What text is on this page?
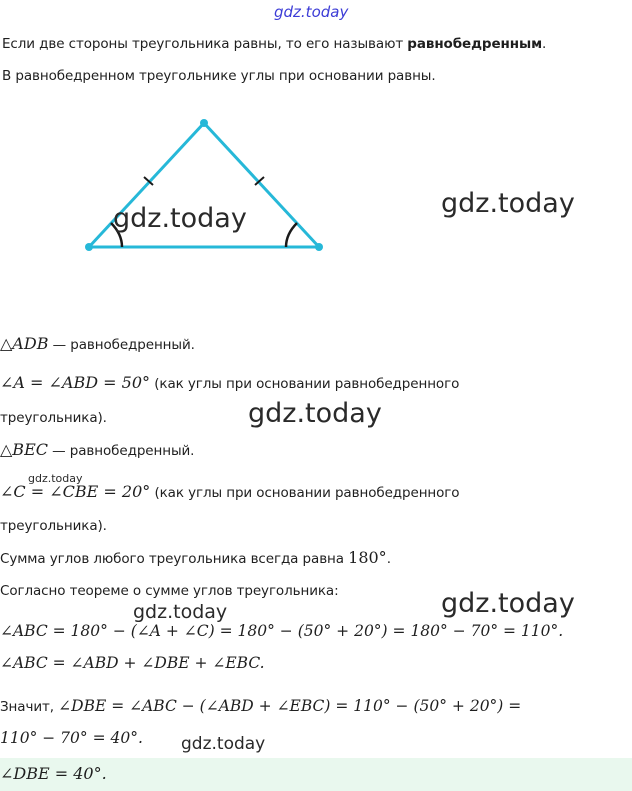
gdz.today
Если две стороны треугольника равны, то его называют равнобедренным.
В равнобедренном треугольнике углы при основании равны.
gdz.today	gdz.today
△ADB — равнобедренный.
∠A = ∠ABD = 50° (как углы при основании равнобедренного
треугольника).	gdz.today
△BEC — равнобедренный.
gdz.today
∠C = ∠CBE = 20° (как углы при основании равнобедренного
треугольника).
Сумма углов любого треугольника всегда равна 180°.
Согласно теореме о сумме углов треугольника:
gdz.today	gdz.today
∠ABC = 180° − (∠A + ∠C) = 180° − (50° + 20°) = 180° − 70° = 110°.
∠ABC = ∠ABD + ∠DBE + ∠EBC.
Значит, ∠DBE = ∠ABC − (∠ABD + ∠EBC) = 110° − (50° + 20°) =
110° − 70° = 40°. gdz.today
∠DBE = 40°.
